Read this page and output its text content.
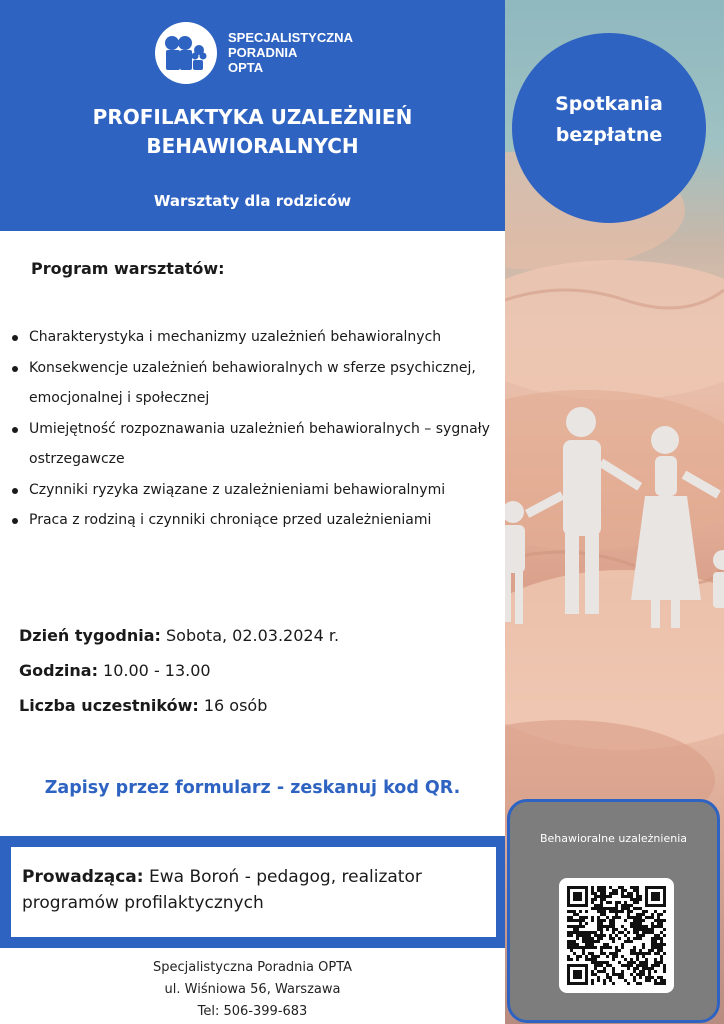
SPECJALISTYCZNA
PORADNIA
OPTA
PROFILAKTYKA UZALEŻNIEŃ
BEHAWIORALNYCH
Warsztaty dla rodziców
Spotkania
bezpłatne
Program warsztatów:
Charakterystyka i mechanizmy uzależnień behawioralnych
Konsekwencje uzależnień behawioralnych w sferze psychicznej, emocjonalnej i społecznej
Umiejętność rozpoznawania uzależnień behawioralnych – sygnały ostrzegawcze
Czynniki ryzyka związane z uzależnieniami behawioralnymi
Praca z rodziną i czynniki chroniące przed uzależnieniami
Dzień tygodnia: Sobota, 02.03.2024 r.
Godzina: 10.00 - 13.00
Liczba uczestników: 16 osób
Zapisy przez formularz - zeskanuj kod QR.
Prowadząca: Ewa Boroń - pedagog, realizator programów profilaktycznych
Specjalistyczna Poradnia OPTA
ul. Wiśniowa 56, Warszawa
Tel: 506-399-683
Behawioralne uzależnienia
